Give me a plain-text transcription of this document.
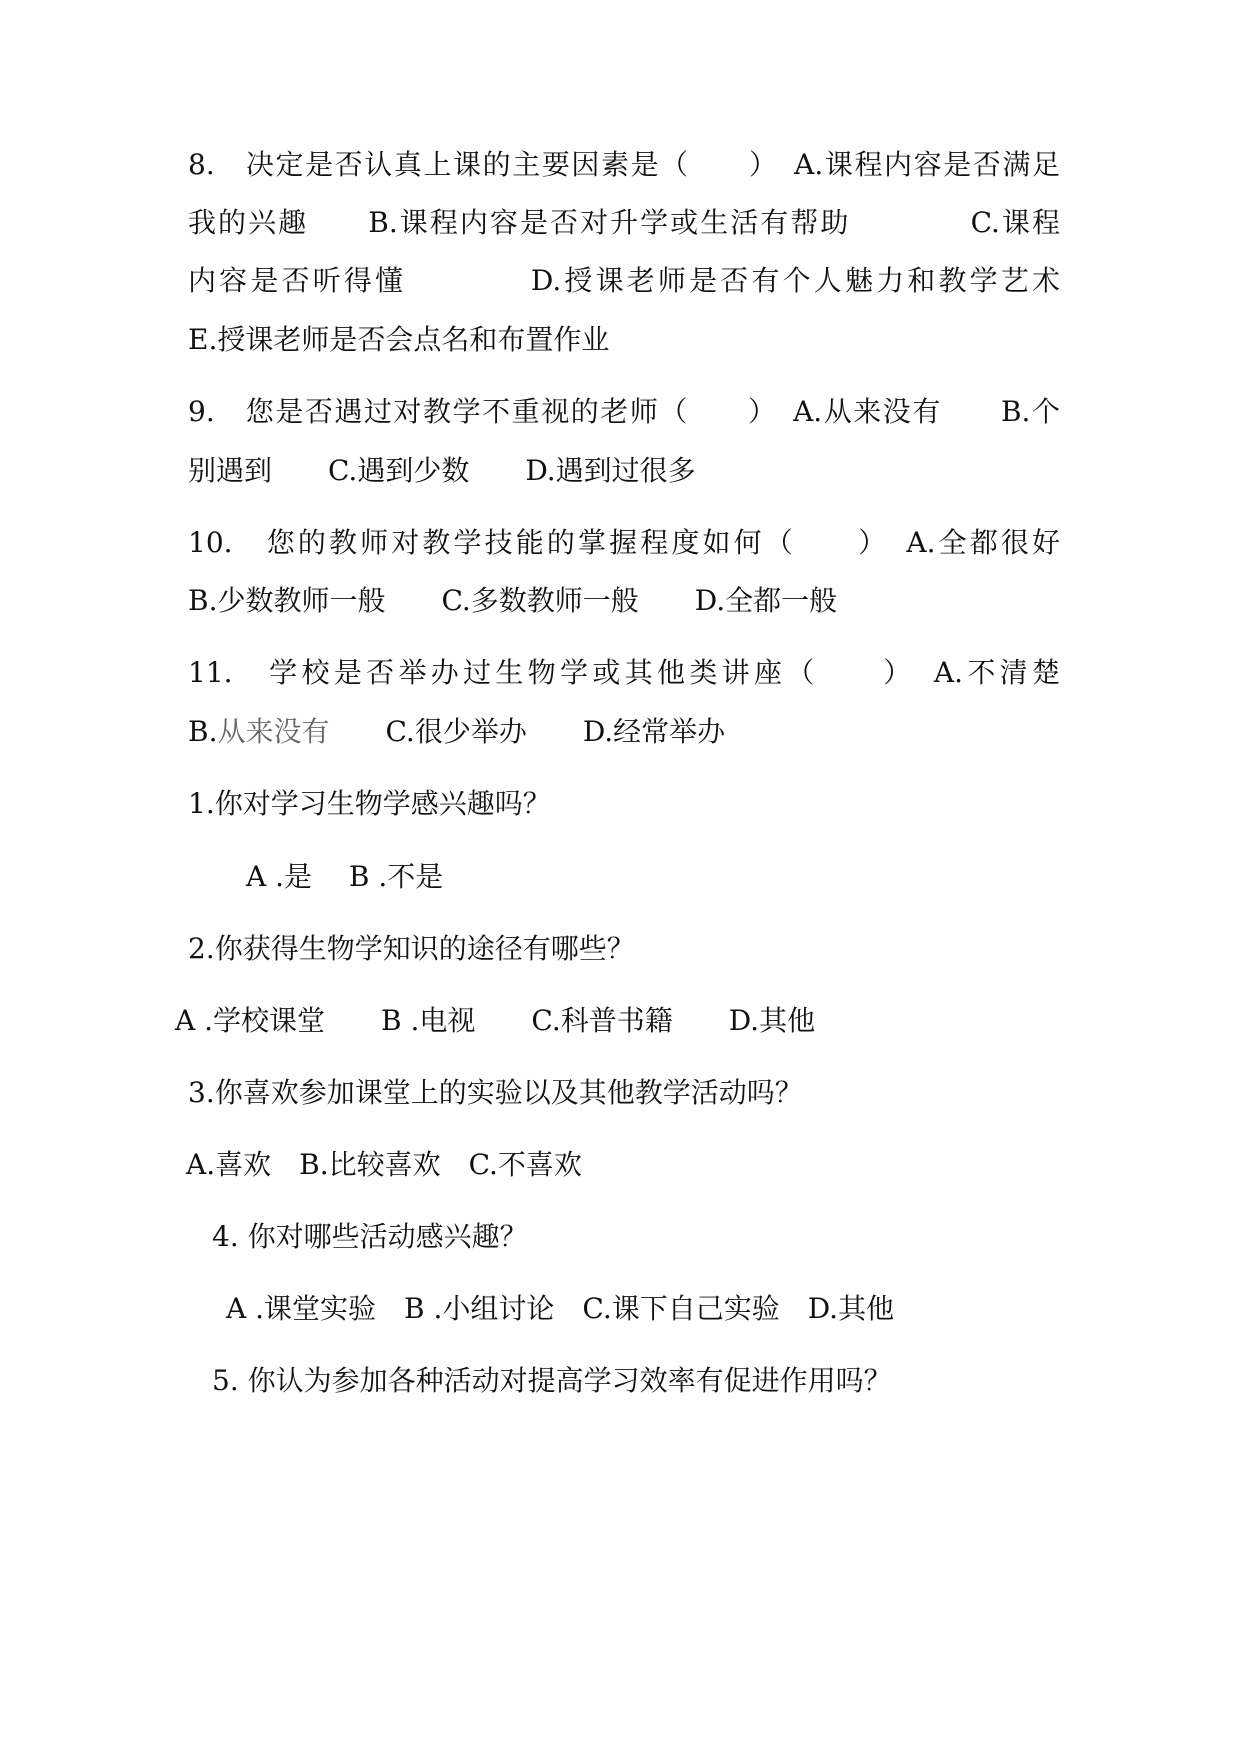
8.　决定是否认真上课的主要因素是（　　）　A.课程内容是否满足
我的兴趣　　B.课程内容是否对升学或生活有帮助　　　　C.课程
内容是否听得懂　　　　D.授课老师是否有个人魅力和教学艺术
E.授课老师是否会点名和布置作业
9.　您是否遇过对教学不重视的老师（　　）　A.从来没有　　B.个
别遇到　　C.遇到少数　　D.遇到过很多
10.　您的教师对教学技能的掌握程度如何（　　）　A.全都很好
B.少数教师一般　　C.多数教师一般　　D.全都一般
11.　学校是否举办过生物学或其他类讲座（　　）　A.不清楚
B.从来没有　　C.很少举办　　D.经常举办
1.你对学习生物学感兴趣吗？
A .是　 B .不是
2.你获得生物学知识的途径有哪些？
A .学校课堂　　B .电视　　C.科普书籍　　D.其他
3.你喜欢参加课堂上的实验以及其他教学活动吗？
A.喜欢　B.比较喜欢　C.不喜欢
4. 你对哪些活动感兴趣？
A .课堂实验　B .小组讨论　C.课下自己实验　D.其他
5. 你认为参加各种活动对提高学习效率有促进作用吗？
